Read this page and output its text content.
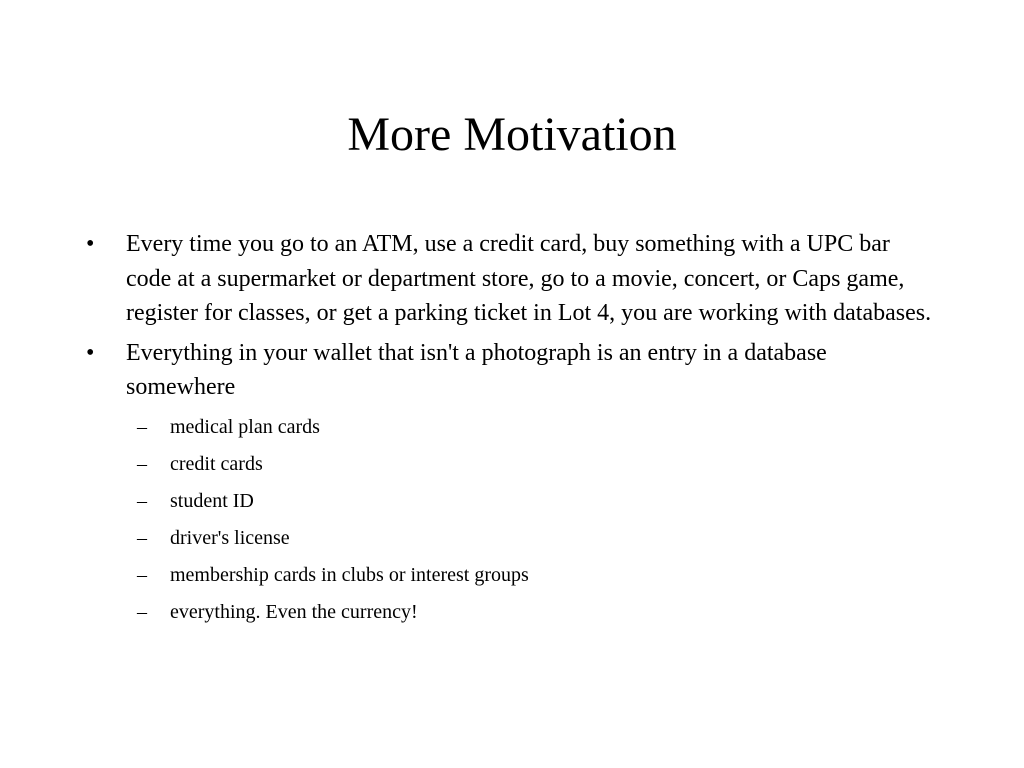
More Motivation
• Every time you go to an ATM, use a credit card, buy something with a UPC bar code at a supermarket or department store, go to a movie, concert, or Caps game, register for classes, or get a parking ticket in Lot 4, you are working with databases.
• Everything in your wallet that isn't a photograph is an entry in a database somewhere
– medical plan cards
– credit cards
– student ID
– driver's license
– membership cards in clubs or interest groups
– everything. Even the currency!
